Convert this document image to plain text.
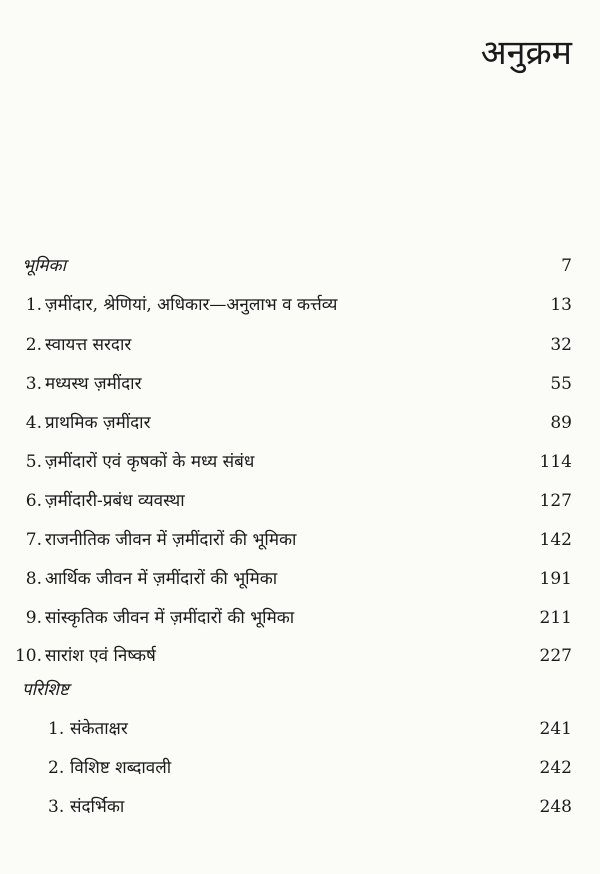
अनुक्रम
भूमिका	7
1. ज़मींदार, श्रेणियां, अधिकार—अनुलाभ व कर्त्तव्य	13
2. स्वायत्त सरदार	32
3. मध्यस्थ ज़मींदार	55
4. प्राथमिक ज़मींदार	89
5. ज़मींदारों एवं कृषकों के मध्य संबंध	114
6. ज़मींदारी-प्रबंध व्यवस्था	127
7. राजनीतिक जीवन में ज़मींदारों की भूमिका	142
8. आर्थिक जीवन में ज़मींदारों की भूमिका	191
9. सांस्कृतिक जीवन में ज़मींदारों की भूमिका	211
10. सारांश एवं निष्कर्ष	227
परिशिष्ट
1. संकेताक्षर	241
2. विशिष्ट शब्दावली	242
3. संदर्भिका	248
